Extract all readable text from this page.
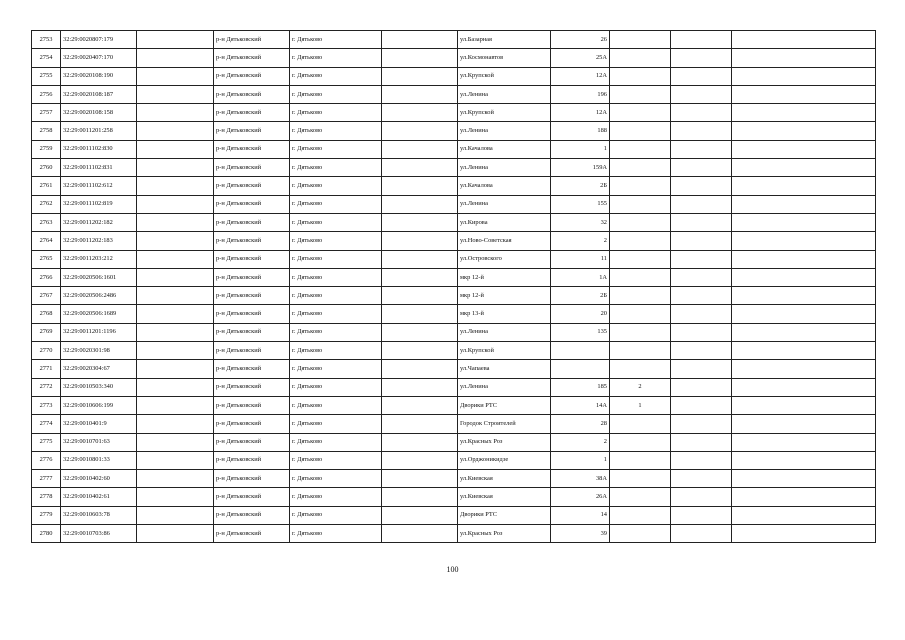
2753	32:29:0020807:179		р-н Дятьковский	г. Дятьково		ул.Базарная	26			
2754	32:29:0020407:170		р-н Дятьковский	г. Дятьково		ул.Космонавтов	25А			
2755	32:29:0020108:190		р-н Дятьковский	г. Дятьково		ул.Крупской	12А			
2756	32:29:0020108:187		р-н Дятьковский	г. Дятьково		ул.Ленина	196			
2757	32:29:0020108:158		р-н Дятьковский	г. Дятьково		ул.Крупской	12А			
2758	32:29:0011201:258		р-н Дятьковский	г. Дятьково		ул.Ленина	188			
2759	32:29:0011102:830		р-н Дятьковский	г. Дятьково		ул.Качалова	1			
2760	32:29:0011102:831		р-н Дятьковский	г. Дятьково		ул.Ленина	159А			
2761	32:29:0011102:612		р-н Дятьковский	г. Дятьково		ул.Качалова	2Б			
2762	32:29:0011102:819		р-н Дятьковский	г. Дятьково		ул.Ленина	155			
2763	32:29:0011202:182		р-н Дятьковский	г. Дятьково		ул.Кирова	32			
2764	32:29:0011202:183		р-н Дятьковский	г. Дятьково		ул.Ново-Советская	2			
2765	32:29:0011203:212		р-н Дятьковский	г. Дятьково		ул.Островского	11			
2766	32:29:0020506:1601		р-н Дятьковский	г. Дятьково		мкр 12-й	1А			
2767	32:29:0020506:2486		р-н Дятьковский	г. Дятьково		мкр 12-й	2Б			
2768	32:29:0020506:1689		р-н Дятьковский	г. Дятьково		мкр 13-й	20			
2769	32:29:0011201:1196		р-н Дятьковский	г. Дятьково		ул.Ленина	135			
2770	32:29:0020301:98		р-н Дятьковский	г. Дятьково		ул.Крупской				
2771	32:29:0020304:67		р-н Дятьковский	г. Дятьково		ул.Чапаева				
2772	32:29:0010503:340		р-н Дятьковский	г. Дятьково		ул.Ленина	185	2		
2773	32:29:0010606:199		р-н Дятьковский	г. Дятьково		Дворики РТС	14А	1		
2774	32:29:0010401:9		р-н Дятьковский	г. Дятьково		Городок Строителей	28			
2775	32:29:0010701:63		р-н Дятьковский	г. Дятьково		ул.Красных Роз	2			
2776	32:29:0010801:33		р-н Дятьковский	г. Дятьково		ул.Орджоникидзе	1			
2777	32:29:0010402:60		р-н Дятьковский	г. Дятьково		ул.Киевская	38А			
2778	32:29:0010402:61		р-н Дятьковский	г. Дятьково		ул.Киевская	26А			
2779	32:29:0010603:78		р-н Дятьковский	г. Дятьково		Дворики РТС	14			
2780	32:29:0010703:86		р-н Дятьковский	г. Дятьково		ул.Красных Роз	39			
100
